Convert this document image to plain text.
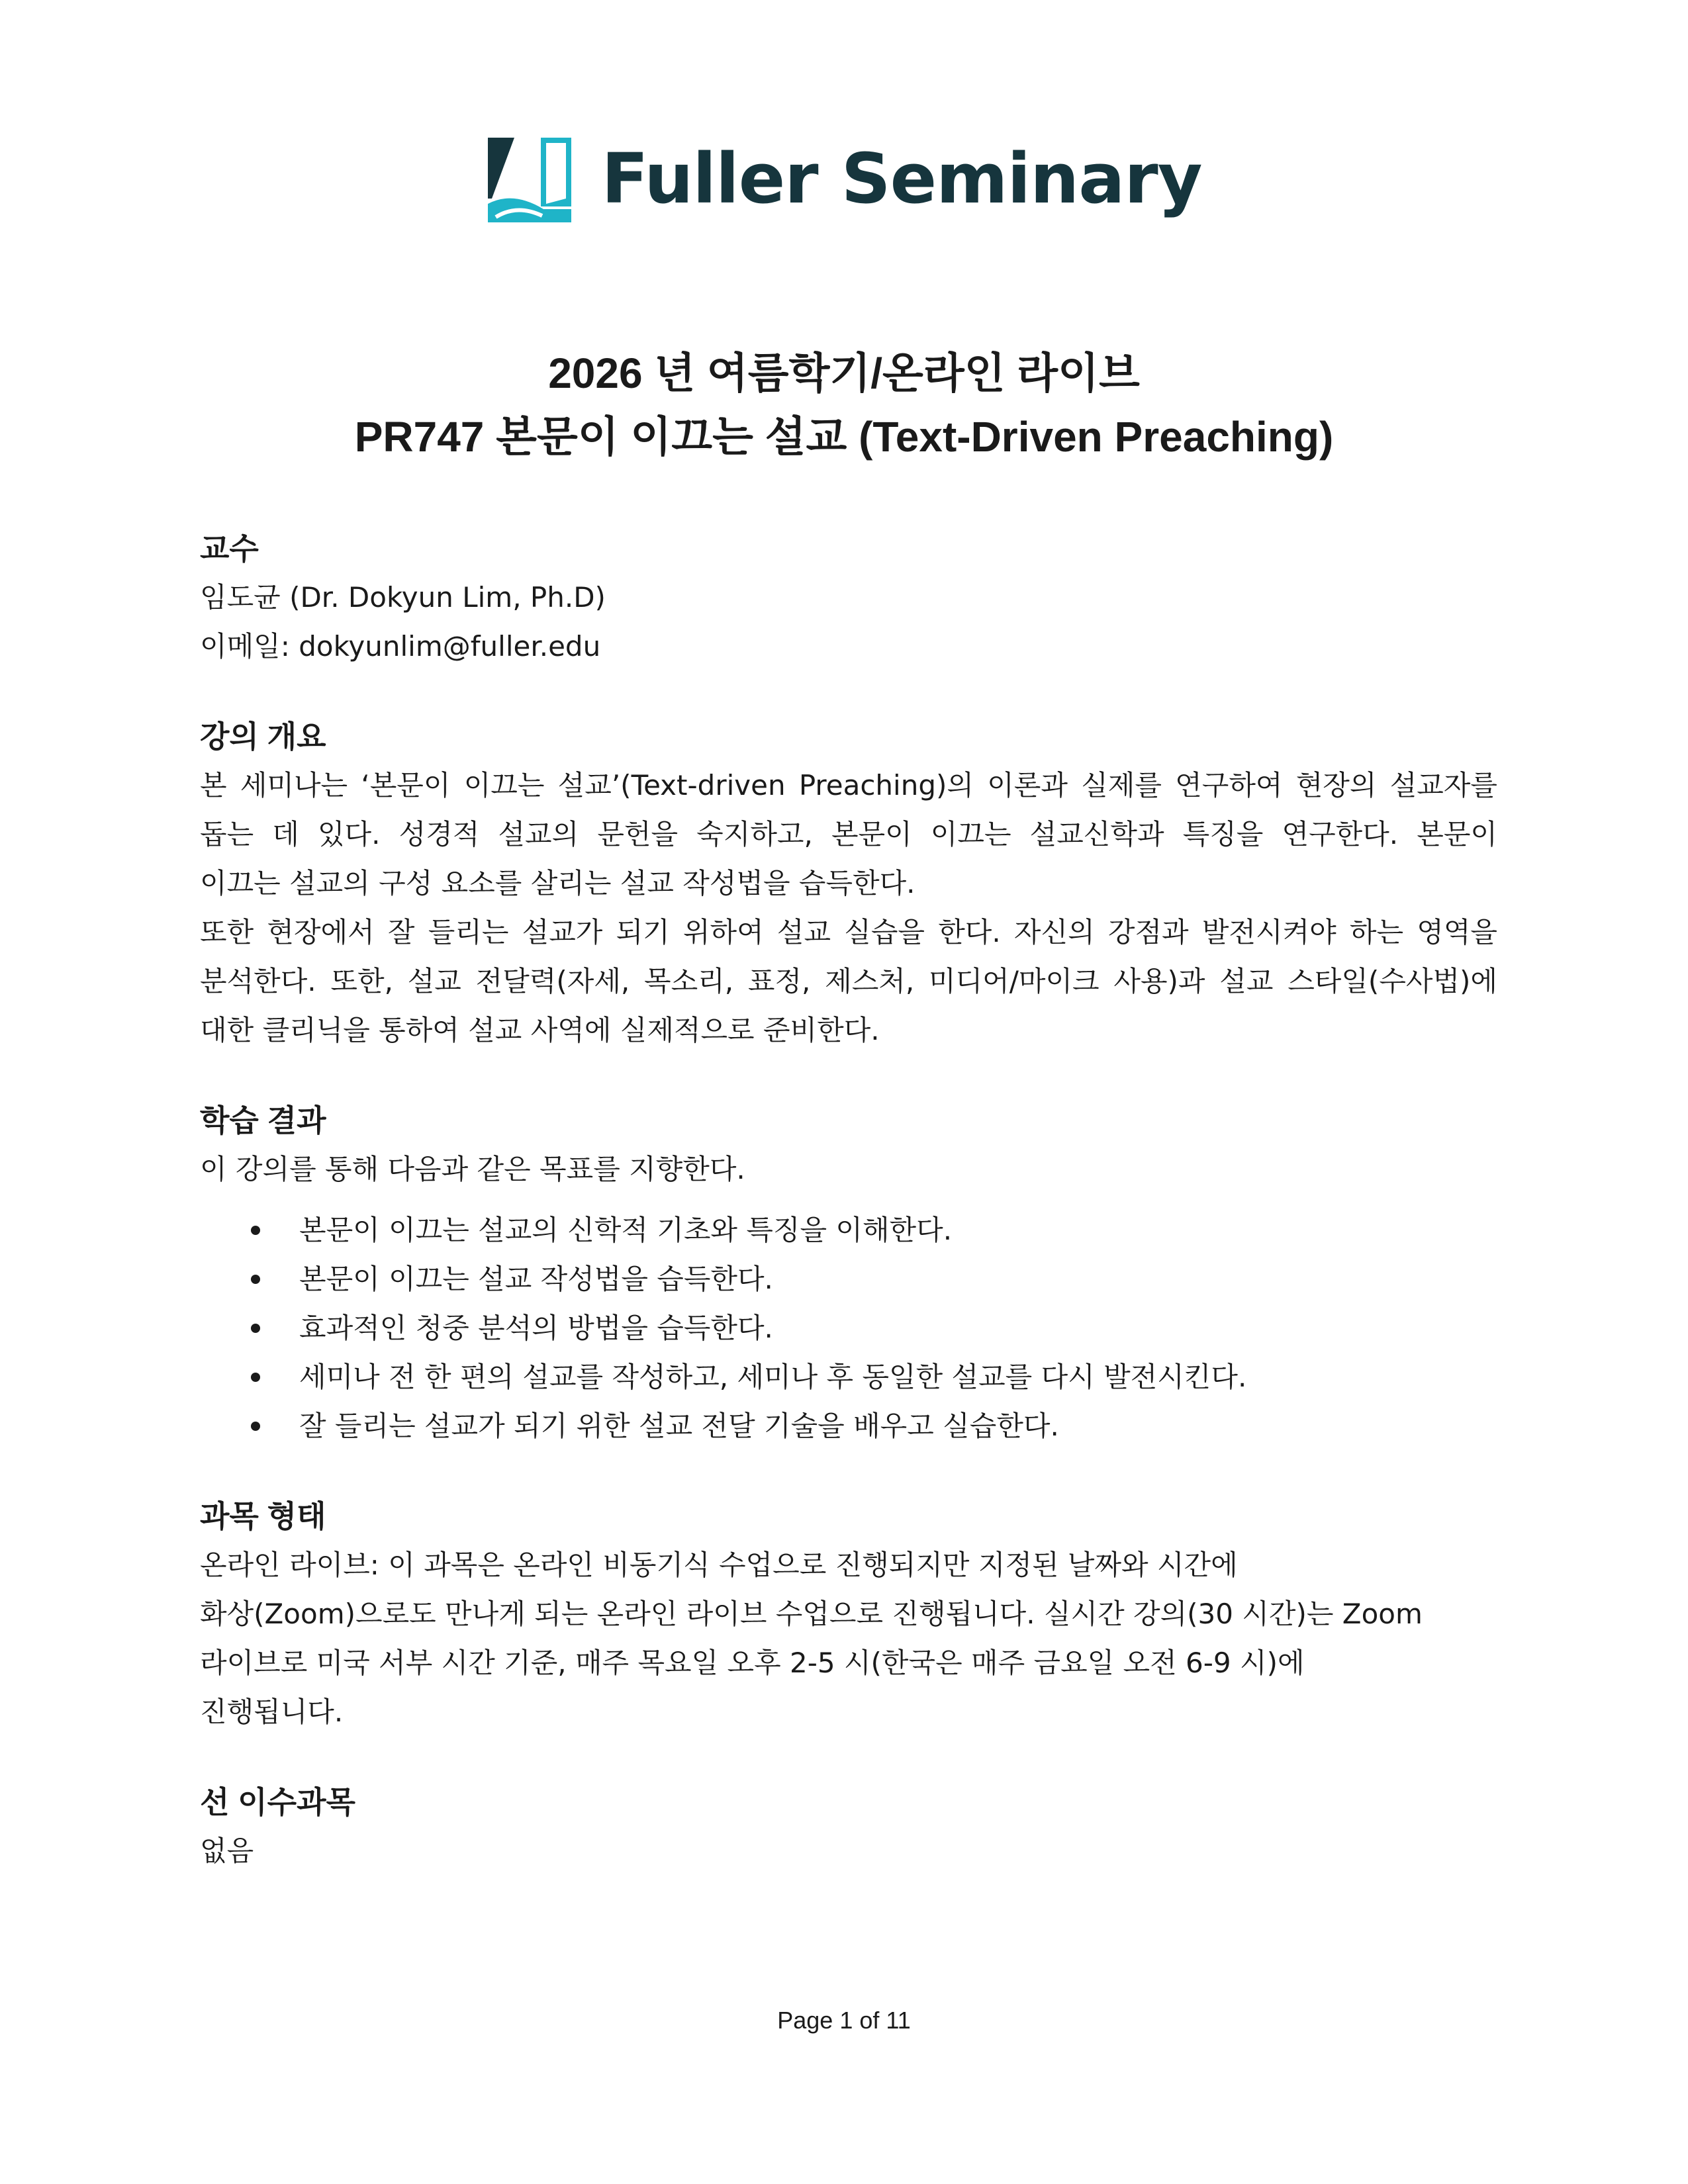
Fuller Seminary
2026 년 여름학기/온라인 라이브
PR747 본문이 이끄는 설교 (Text-Driven Preaching)
교수

임도균 (Dr. Dokyun Lim, Ph.D)

이메일: dokyunlim@fuller.edu

강의 개요

본 세미나는 ‘본문이 이끄는 설교’(Text-driven Preaching)의 이론과 실제를 연구하여 현장의 설교자를

돕는 데 있다. 성경적 설교의 문헌을 숙지하고, 본문이 이끄는 설교신학과 특징을 연구한다. 본문이

이끄는 설교의 구성 요소를 살리는 설교 작성법을 습득한다.

또한 현장에서 잘 들리는 설교가 되기 위하여 설교 실습을 한다. 자신의 강점과 발전시켜야 하는 영역을

분석한다. 또한, 설교 전달력(자세, 목소리, 표정, 제스처, 미디어/마이크 사용)과 설교 스타일(수사법)에

대한 클리닉을 통하여 설교 사역에 실제적으로 준비한다.

학습 결과

이 강의를 통해 다음과 같은 목표를 지향한다.

본문이 이끄는 설교의 신학적 기초와 특징을 이해한다.
본문이 이끄는 설교 작성법을 습득한다.
효과적인 청중 분석의 방법을 습득한다.
세미나 전 한 편의 설교를 작성하고, 세미나 후 동일한 설교를 다시 발전시킨다.
잘 들리는 설교가 되기 위한 설교 전달 기술을 배우고 실습한다.
과목 형태

온라인 라이브: 이 과목은 온라인 비동기식 수업으로 진행되지만 지정된 날짜와 시간에

화상(Zoom)으로도 만나게 되는 온라인 라이브 수업으로 진행됩니다. 실시간 강의(30 시간)는 Zoom

라이브로 미국 서부 시간 기준, 매주 목요일 오후 2-5 시(한국은 매주 금요일 오전 6-9 시)에

진행됩니다.

선 이수과목

없음

Page 1 of 11
